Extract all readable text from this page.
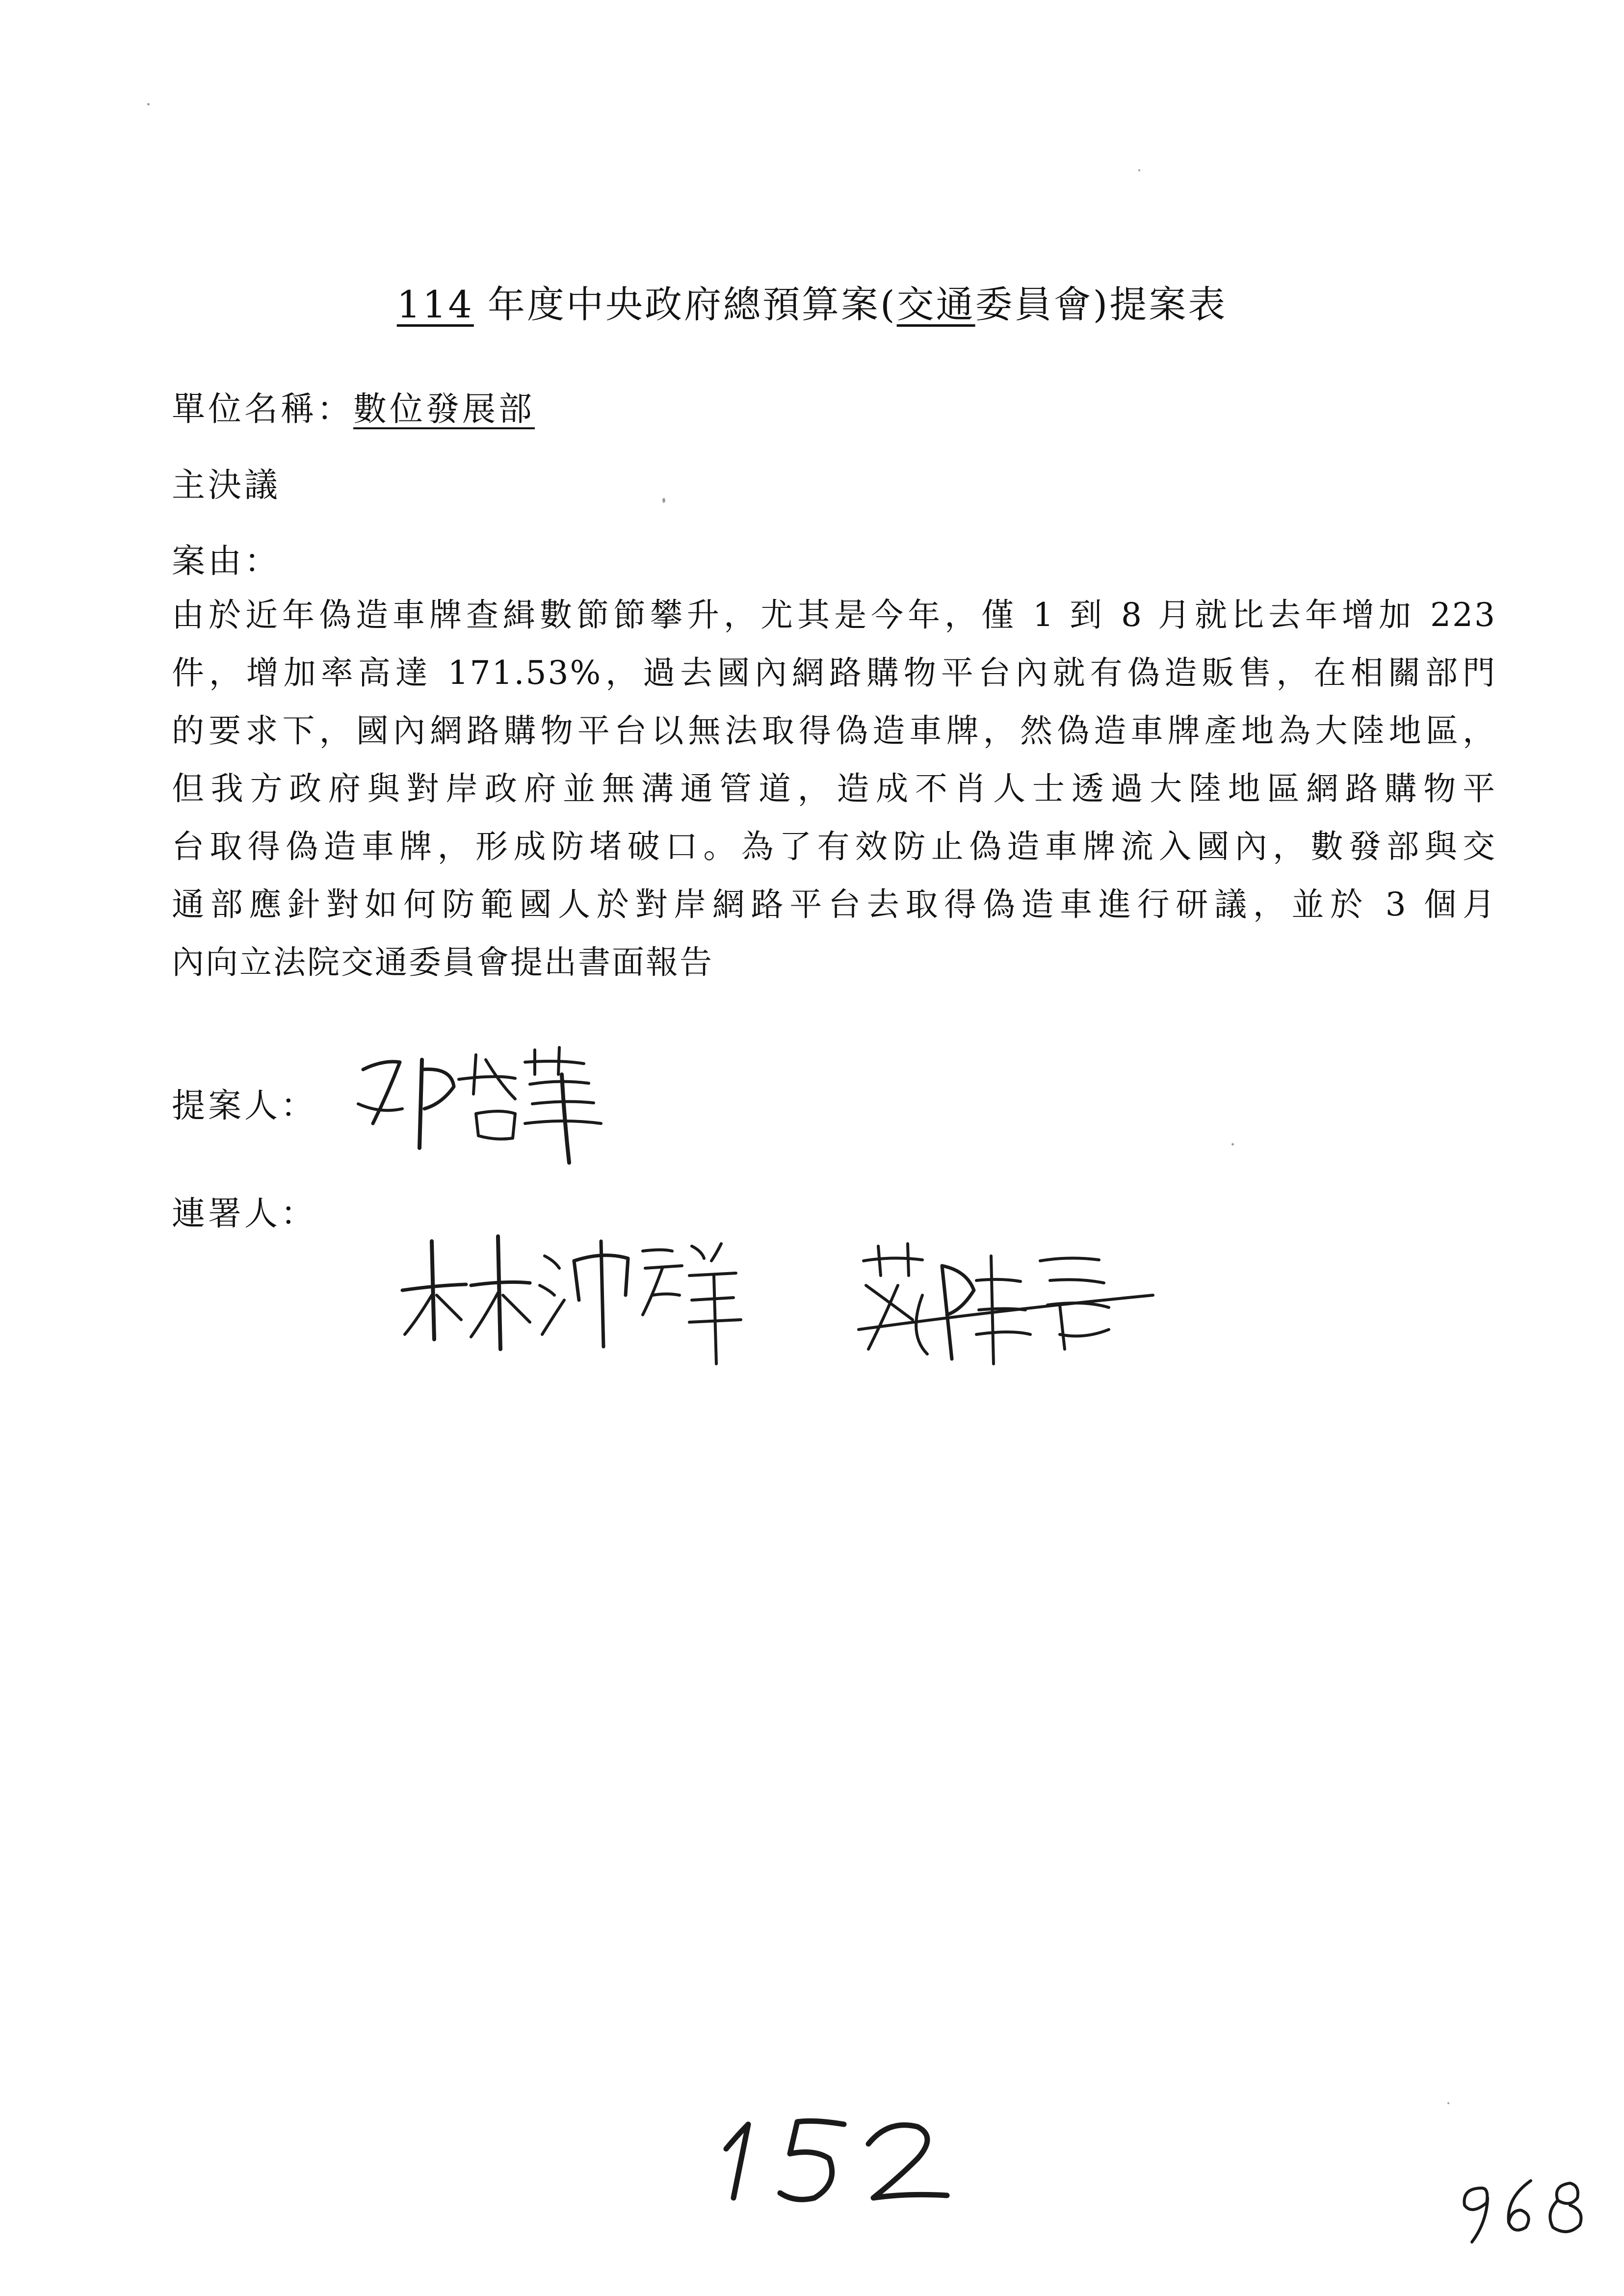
114 年度中央政府總預算案(交通委員會)提案表
單位名稱：數位發展部
主決議
案由：
由於近年偽造車牌查緝數節節攀升，尤其是今年，僅 1 到 8 月就比去年增加 223
件，增加率高達 171.53%，過去國內網路購物平台內就有偽造販售，在相關部門
的要求下，國內網路購物平台以無法取得偽造車牌，然偽造車牌產地為大陸地區，
但我方政府與對岸政府並無溝通管道，造成不肖人士透過大陸地區網路購物平
台取得偽造車牌，形成防堵破口。為了有效防止偽造車牌流入國內，數發部與交
通部應針對如何防範國人於對岸網路平台去取得偽造車進行研議，並於 3 個月
內向立法院交通委員會提出書面報告
提案人：
連署人：
